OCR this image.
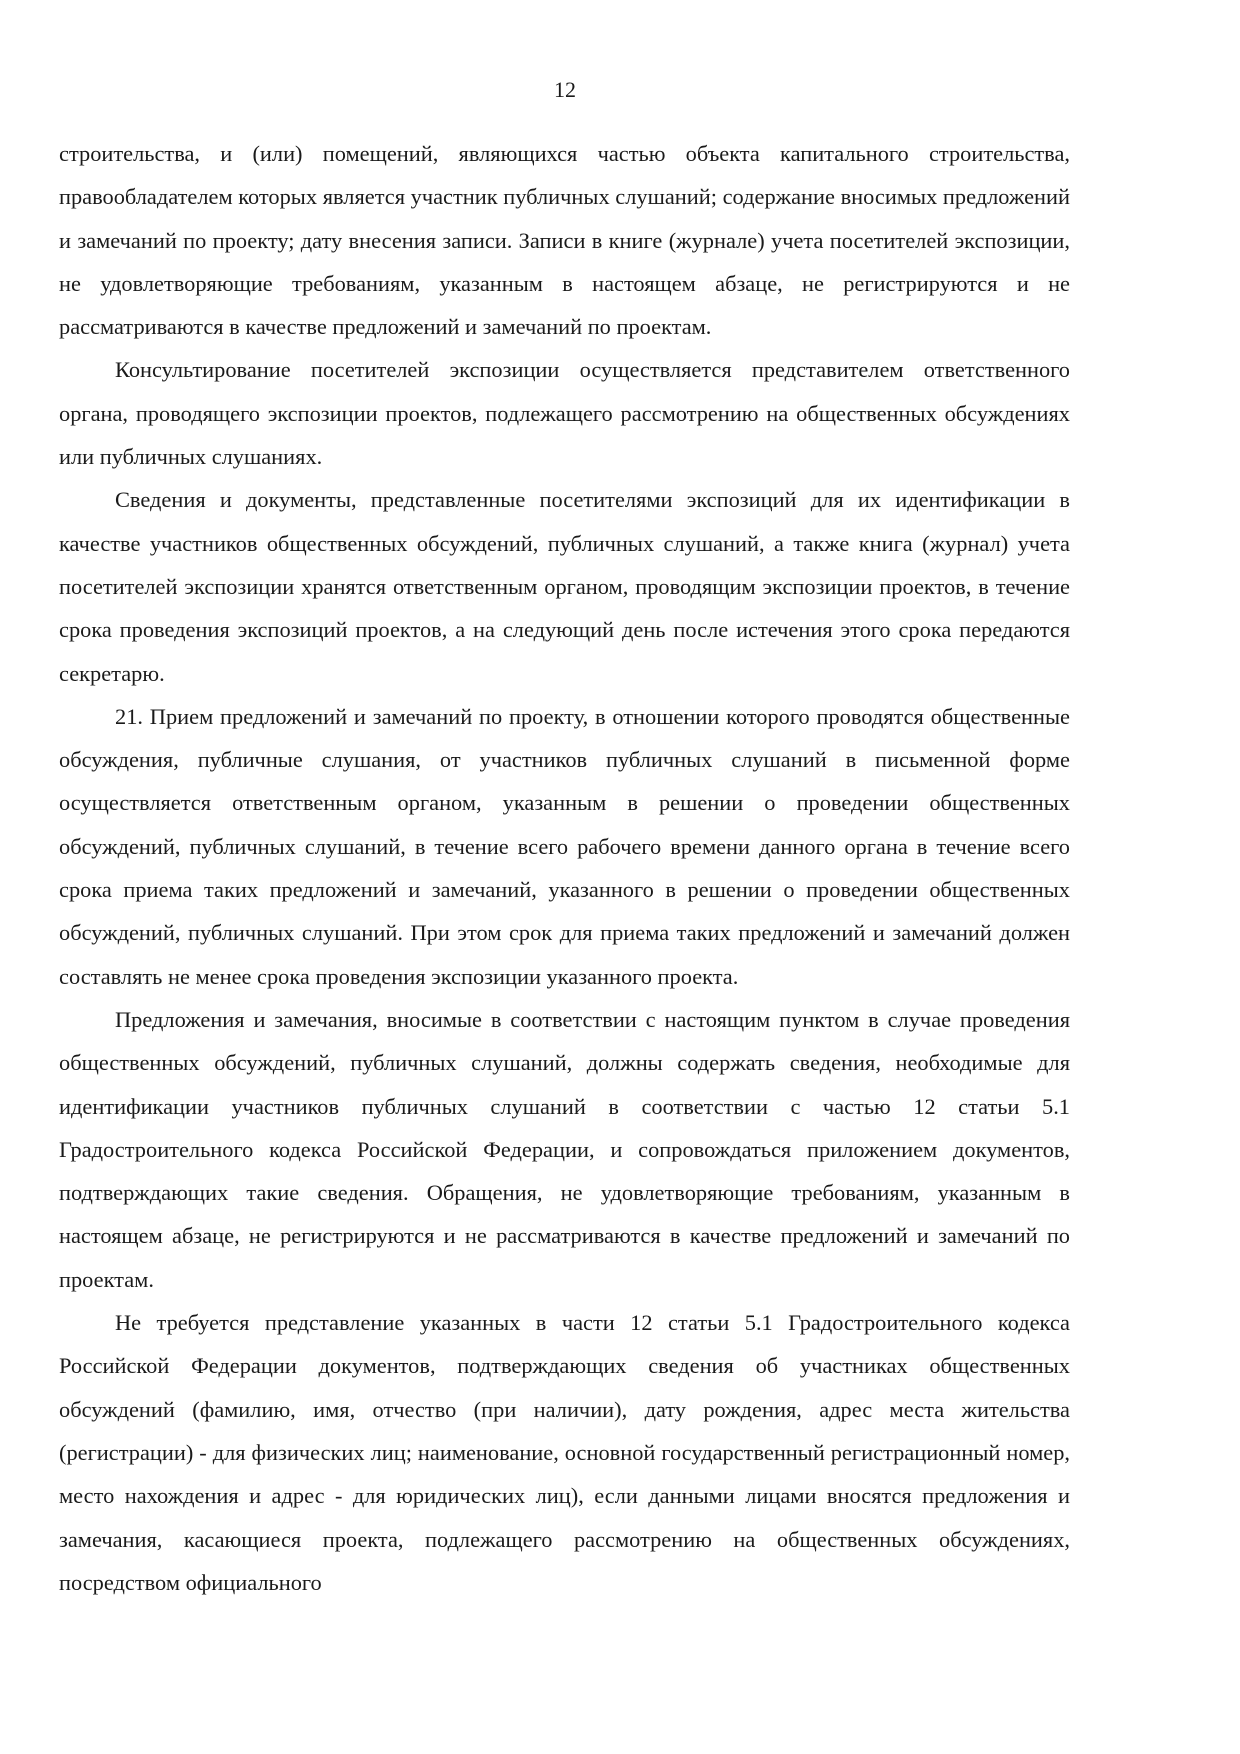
12

строительства, и (или) помещений, являющихся частью объекта капитального строительства, правообладателем которых является участник публичных слушаний; содержание вносимых предложений и замечаний по проекту; дату внесения записи. Записи в книге (журнале) учета посетителей экспозиции, не удовлетворяющие требованиям, указанным в настоящем абзаце, не регистрируются и не рассматриваются в качестве предложений и замечаний по проектам.

Консультирование посетителей экспозиции осуществляется представителем ответственного органа, проводящего экспозиции проектов, подлежащего рассмотрению на общественных обсуждениях или публичных слушаниях.

Сведения и документы, представленные посетителями экспозиций для их идентификации в качестве участников общественных обсуждений, публичных слушаний, а также книга (журнал) учета посетителей экспозиции хранятся ответственным органом, проводящим экспозиции проектов, в течение срока проведения экспозиций проектов, а на следующий день после истечения этого срока передаются секретарю.

21. Прием предложений и замечаний по проекту, в отношении которого проводятся общественные обсуждения, публичные слушания, от участников публичных слушаний в письменной форме осуществляется ответственным органом, указанным в решении о проведении общественных обсуждений, публичных слушаний, в течение всего рабочего времени данного органа в течение всего срока приема таких предложений и замечаний, указанного в решении о проведении общественных обсуждений, публичных слушаний. При этом срок для приема таких предложений и замечаний должен составлять не менее срока проведения экспозиции указанного проекта.

Предложения и замечания, вносимые в соответствии с настоящим пунктом в случае проведения общественных обсуждений, публичных слушаний, должны содержать сведения, необходимые для идентификации участников публичных слушаний в соответствии с частью 12 статьи 5.1 Градостроительного кодекса Российской Федерации, и сопровождаться приложением документов, подтверждающих такие сведения. Обращения, не удовлетворяющие требованиям, указанным в настоящем абзаце, не регистрируются и не рассматриваются в качестве предложений и замечаний по проектам.

Не требуется представление указанных в части 12 статьи 5.1 Градостроительного кодекса Российской Федерации документов, подтверждающих сведения об участниках общественных обсуждений (фамилию, имя, отчество (при наличии), дату рождения, адрес места жительства (регистрации) - для физических лиц; наименование, основной государственный регистрационный номер, место нахождения и адрес - для юридических лиц), если данными лицами вносятся предложения и замечания, касающиеся проекта, подлежащего рассмотрению на общественных обсуждениях, посредством официального
